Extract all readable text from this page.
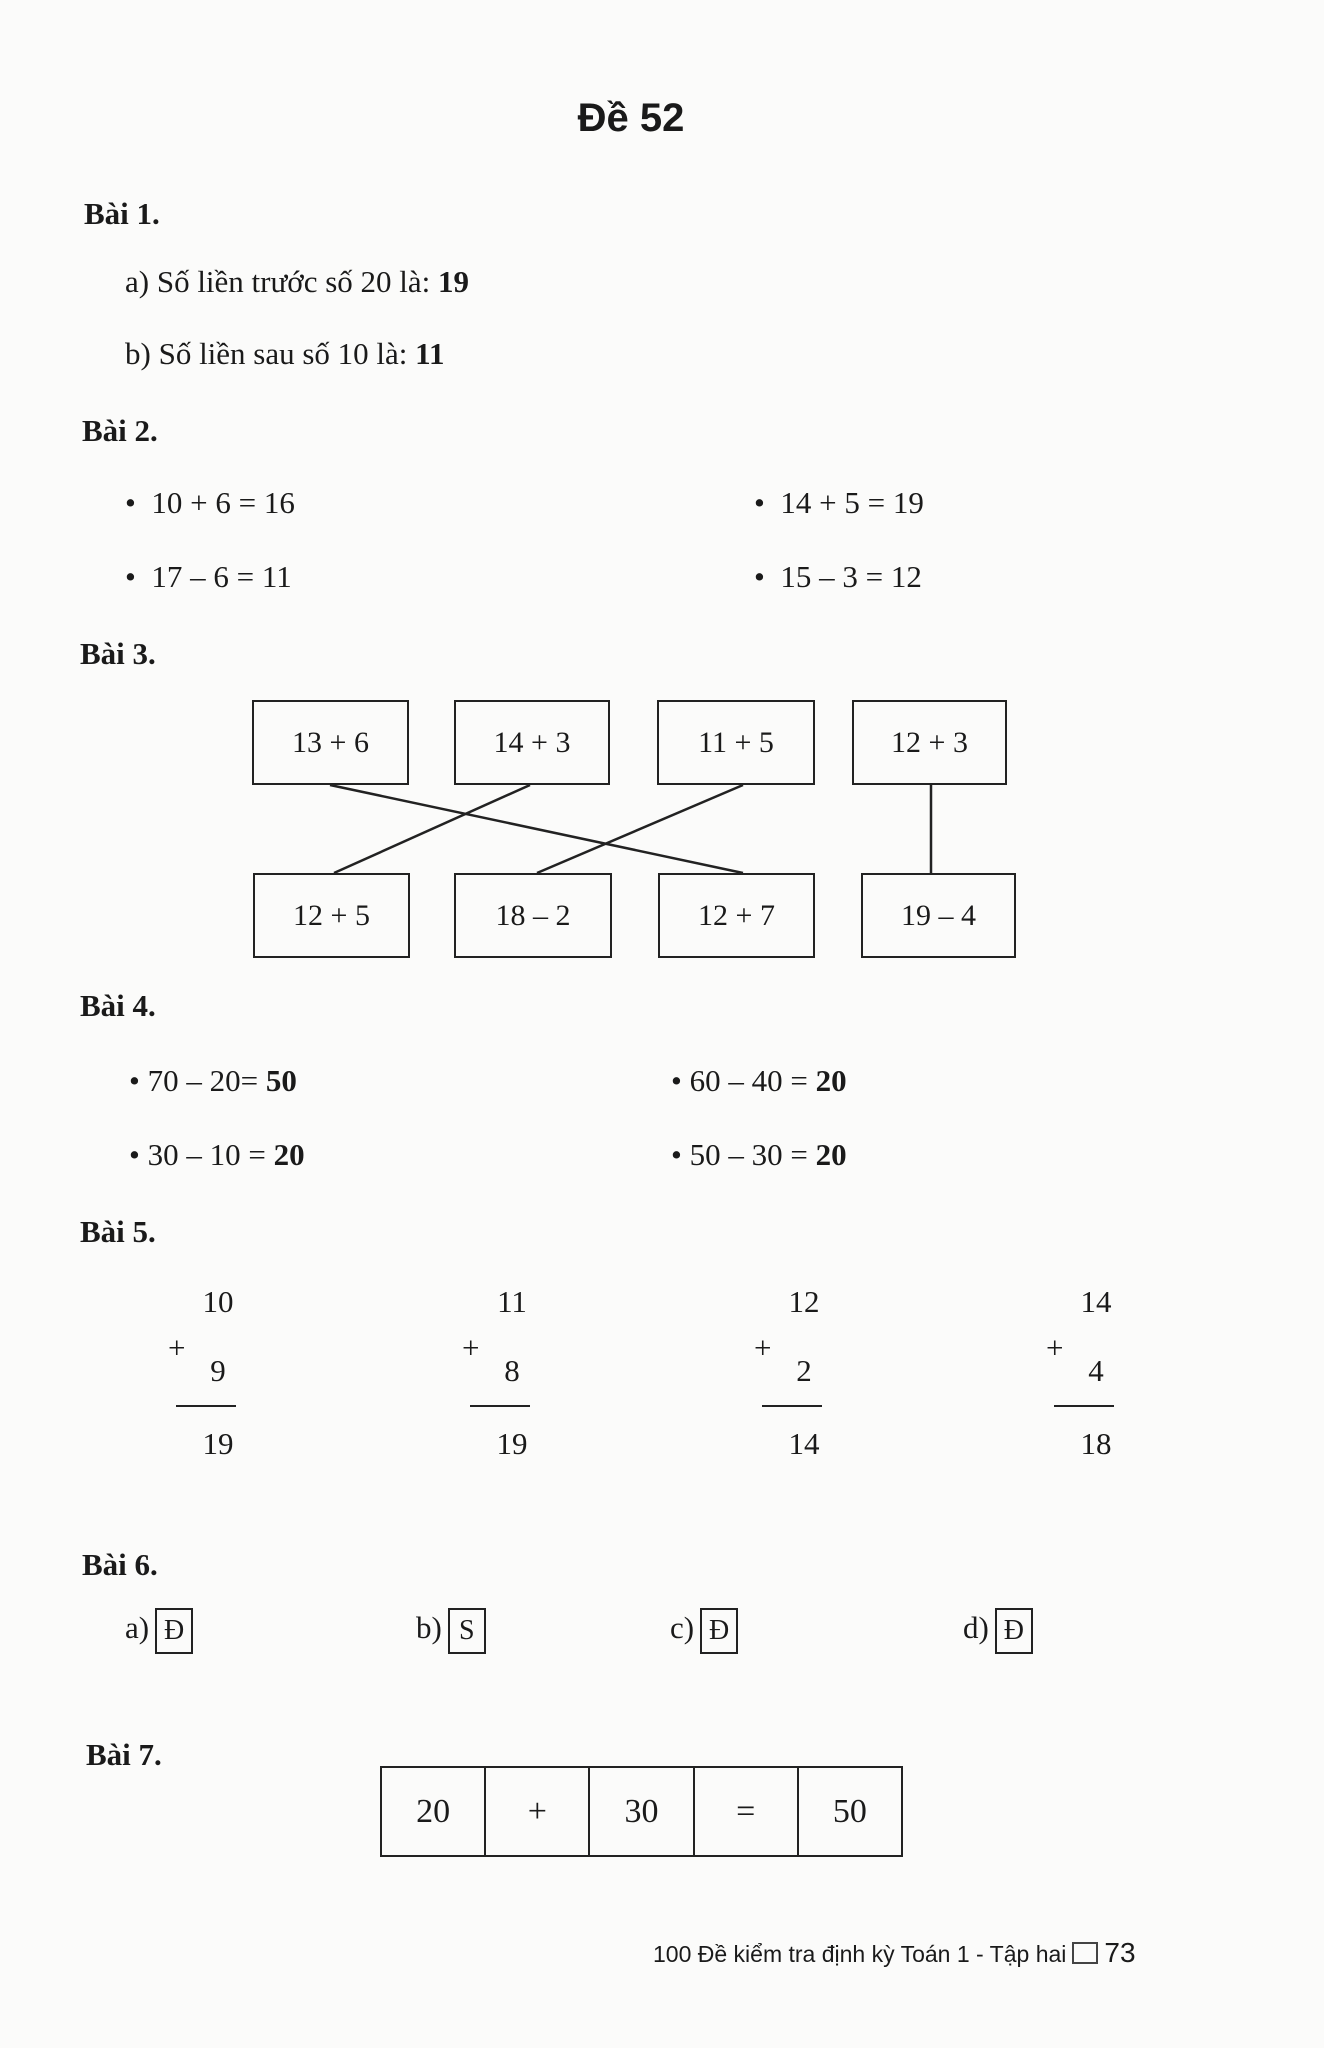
Đề 52
Bài 1.
a) Số liền trước số 20 là: 19
b) Số liền sau số 10 là: 11
Bài 2.
•  10 + 6 = 16	•  14 + 5 = 19
•  17 – 6 = 11	•  15 – 3 = 12
Bài 3.
13 + 6	14 + 3	11 + 5	12 + 3
12 + 5	18 – 2	12 + 7	19 – 4
Bài 4.
• 70 – 20= 50	• 60 – 40 = 20
• 30 – 10 = 20	• 50 – 30 = 20
Bài 5.
10
+
9
19
11
+
8
19
12
+
2
14
14
+
4
18
Bài 6.
a) Đ	b) S	c) Đ	d) Đ
Bài 7.
20	+	30	=	50
100 Đề kiểm tra định kỳ Toán 1 - Tập hai 73
